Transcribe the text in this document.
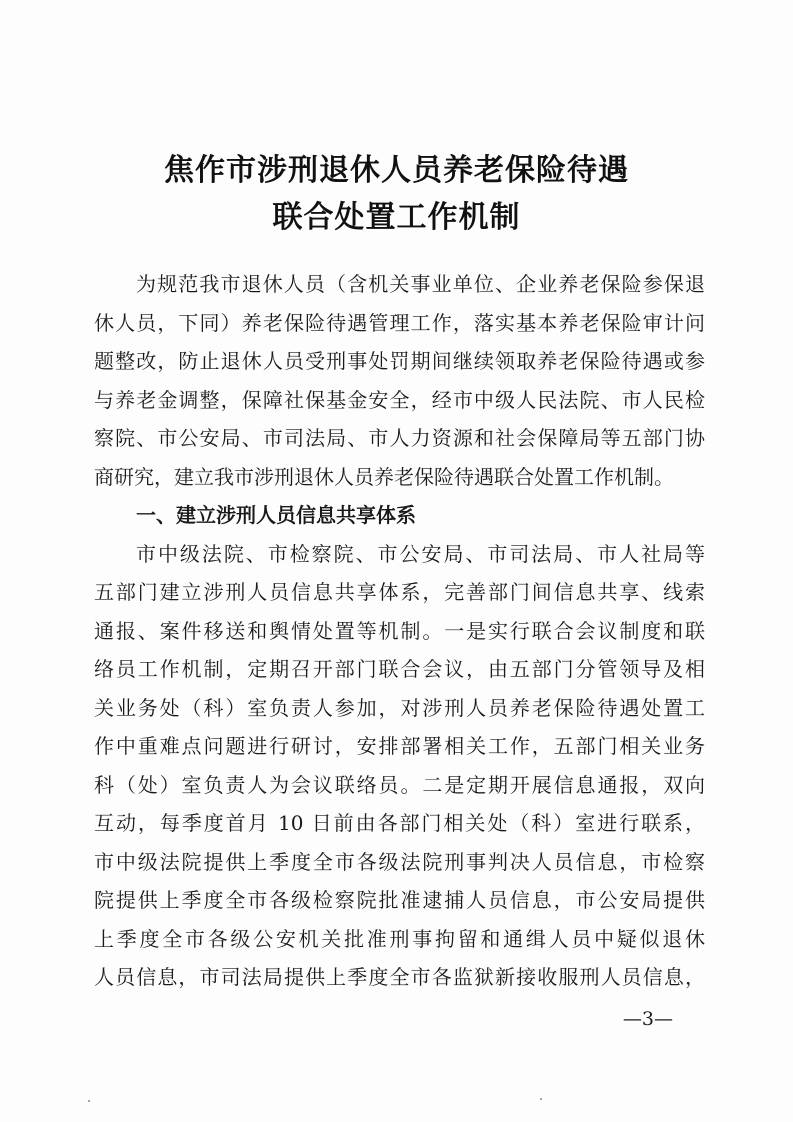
焦作市涉刑退休人员养老保险待遇
联合处置工作机制
为规范我市退休人员（含机关事业单位、企业养老保险参保退
休人员，下同）养老保险待遇管理工作，落实基本养老保险审计问
题整改，防止退休人员受刑事处罚期间继续领取养老保险待遇或参
与养老金调整，保障社保基金安全，经市中级人民法院、市人民检
察院、市公安局、市司法局、市人力资源和社会保障局等五部门协
商研究，建立我市涉刑退休人员养老保险待遇联合处置工作机制。
一、建立涉刑人员信息共享体系
市中级法院、市检察院、市公安局、市司法局、市人社局等
五部门建立涉刑人员信息共享体系，完善部门间信息共享、线索
通报、案件移送和舆情处置等机制。一是实行联合会议制度和联
络员工作机制，定期召开部门联合会议，由五部门分管领导及相
关业务处（科）室负责人参加，对涉刑人员养老保险待遇处置工
作中重难点问题进行研讨，安排部署相关工作，五部门相关业务
科（处）室负责人为会议联络员。二是定期开展信息通报，双向
互动，每季度首月 10 日前由各部门相关处（科）室进行联系，
市中级法院提供上季度全市各级法院刑事判决人员信息，市检察
院提供上季度全市各级检察院批准逮捕人员信息，市公安局提供
上季度全市各级公安机关批准刑事拘留和通缉人员中疑似退休
人员信息，市司法局提供上季度全市各监狱新接收服刑人员信息，
—3—
